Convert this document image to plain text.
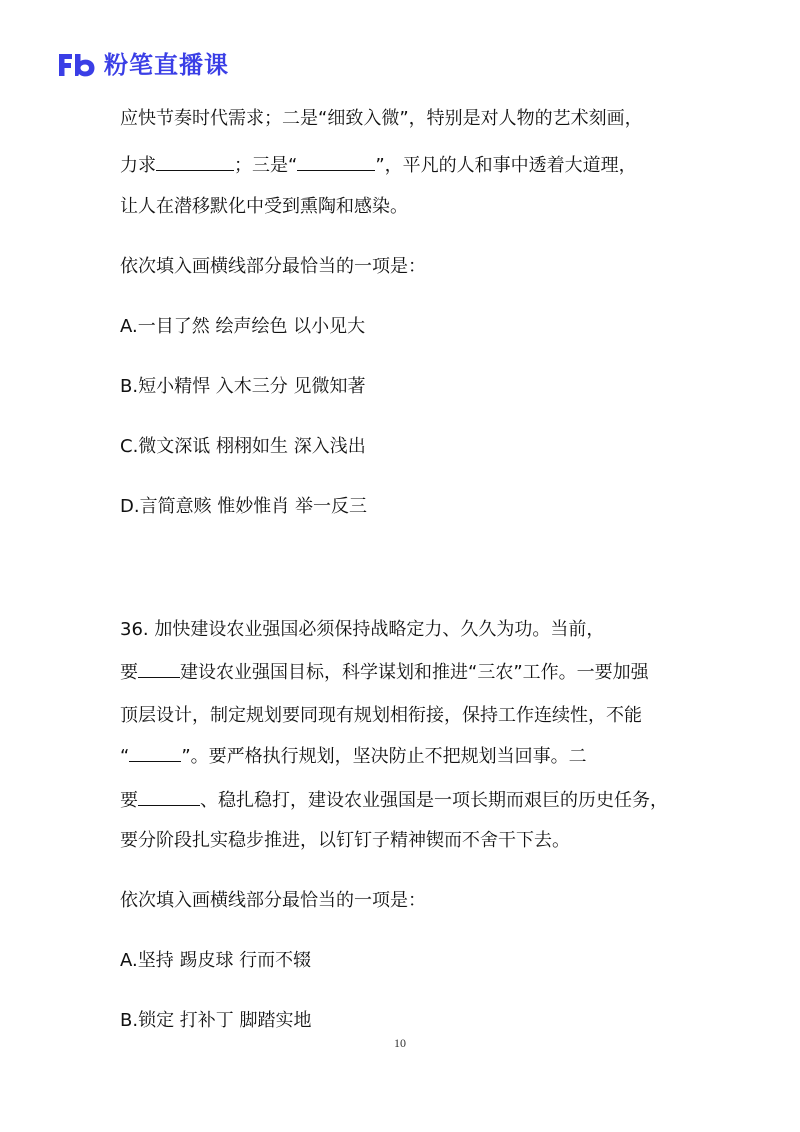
粉笔直播课
应快节奏时代需求；二是“细致入微”，特别是对人物的艺术刻画，
力求	；三是“	”，平凡的人和事中透着大道理，
让人在潜移默化中受到熏陶和感染。
依次填入画横线部分最恰当的一项是：
A.一目了然 绘声绘色 以小见大
B.短小精悍 入木三分 见微知著
C.微文深诋 栩栩如生 深入浅出
D.言简意赅 惟妙惟肖 举一反三
36. 加快建设农业强国必须保持战略定力、久久为功。当前，
要 建设农业强国目标，科学谋划和推进“三农”工作。一要加强
顶层设计，制定规划要同现有规划相衔接，保持工作连续性，不能
“	”。要严格执行规划，坚决防止不把规划当回事。二
要	、稳扎稳打，建设农业强国是一项长期而艰巨的历史任务，
要分阶段扎实稳步推进，以钉钉子精神锲而不舍干下去。
依次填入画横线部分最恰当的一项是：
A.坚持 踢皮球 行而不辍
B.锁定 打补丁 脚踏实地
10
